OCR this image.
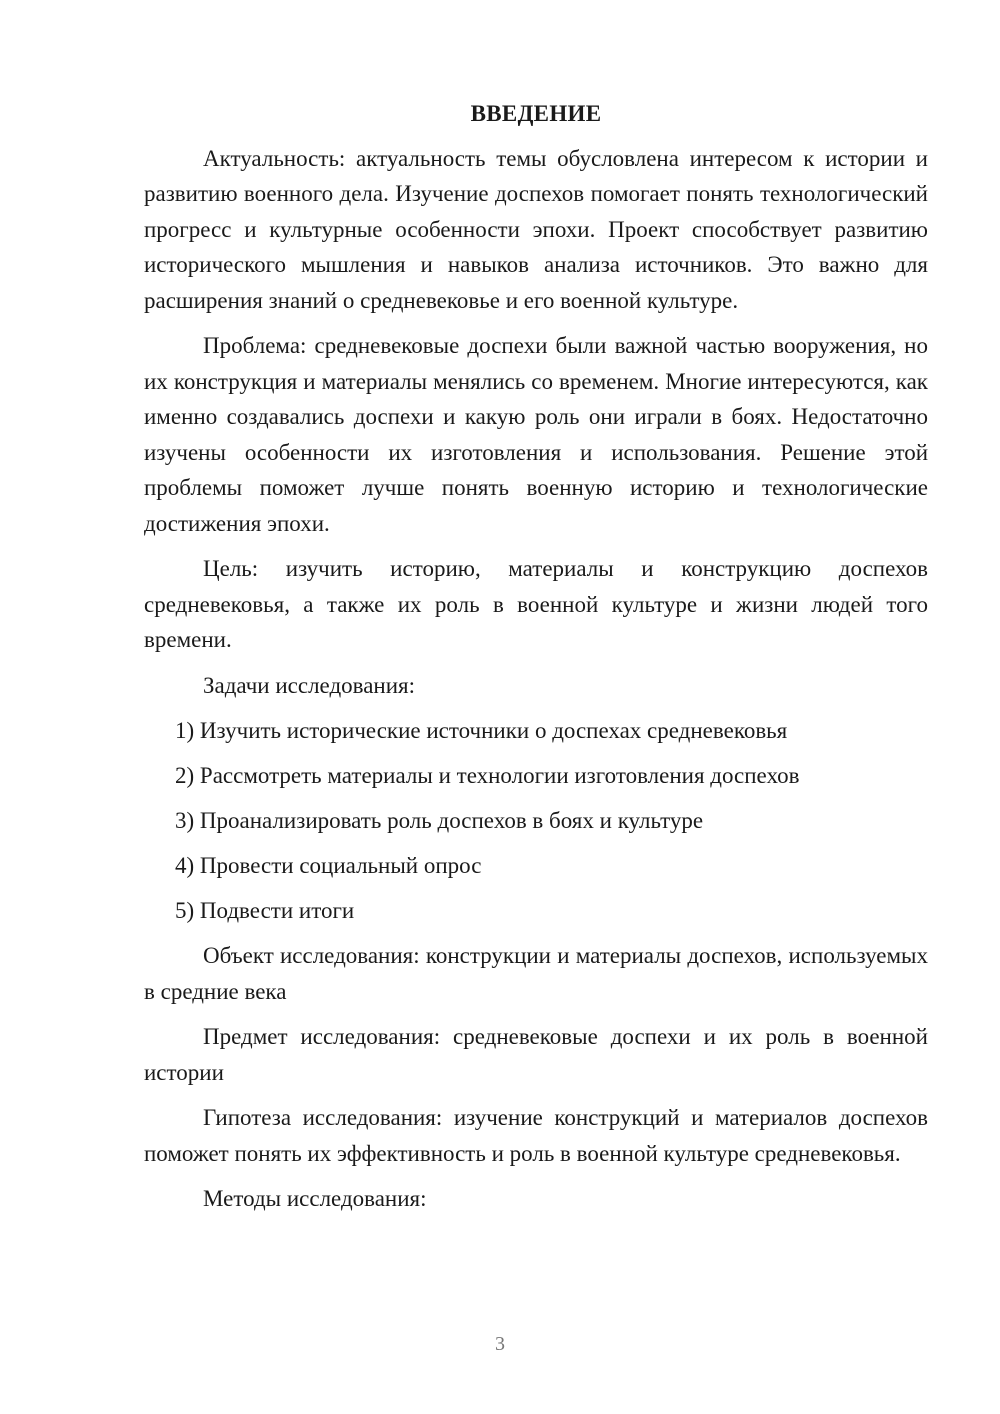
ВВЕДЕНИЕ

Актуальность: актуальность темы обусловлена интересом к истории и развитию военного дела. Изучение доспехов помогает понять технологический прогресс и культурные особенности эпохи. Проект способствует развитию исторического мышления и навыков анализа источников. Это важно для расширения знаний о средневековье и его военной культуре.

Проблема: средневековые доспехи были важной частью вооружения, но их конструкция и материалы менялись со временем. Многие интересуются, как именно создавались доспехи и какую роль они играли в боях. Недостаточно изучены особенности их изготовления и использования. Решение этой проблемы поможет лучше понять военную историю и технологические достижения эпохи.

Цель: изучить историю, материалы и конструкцию доспехов средневековья, а также их роль в военной культуре и жизни людей того времени.

Задачи исследования:

1) Изучить исторические источники о доспехах средневековья
2) Рассмотреть материалы и технологии изготовления доспехов
3) Проанализировать роль доспехов в боях и культуре
4) Провести социальный опрос
5) Подвести итоги

Объект исследования: конструкции и материалы доспехов, используемых в средние века

Предмет исследования: средневековые доспехи и их роль в военной истории

Гипотеза исследования: изучение конструкций и материалов доспехов поможет понять их эффективность и роль в военной культуре средневековья.

Методы исследования:

3
